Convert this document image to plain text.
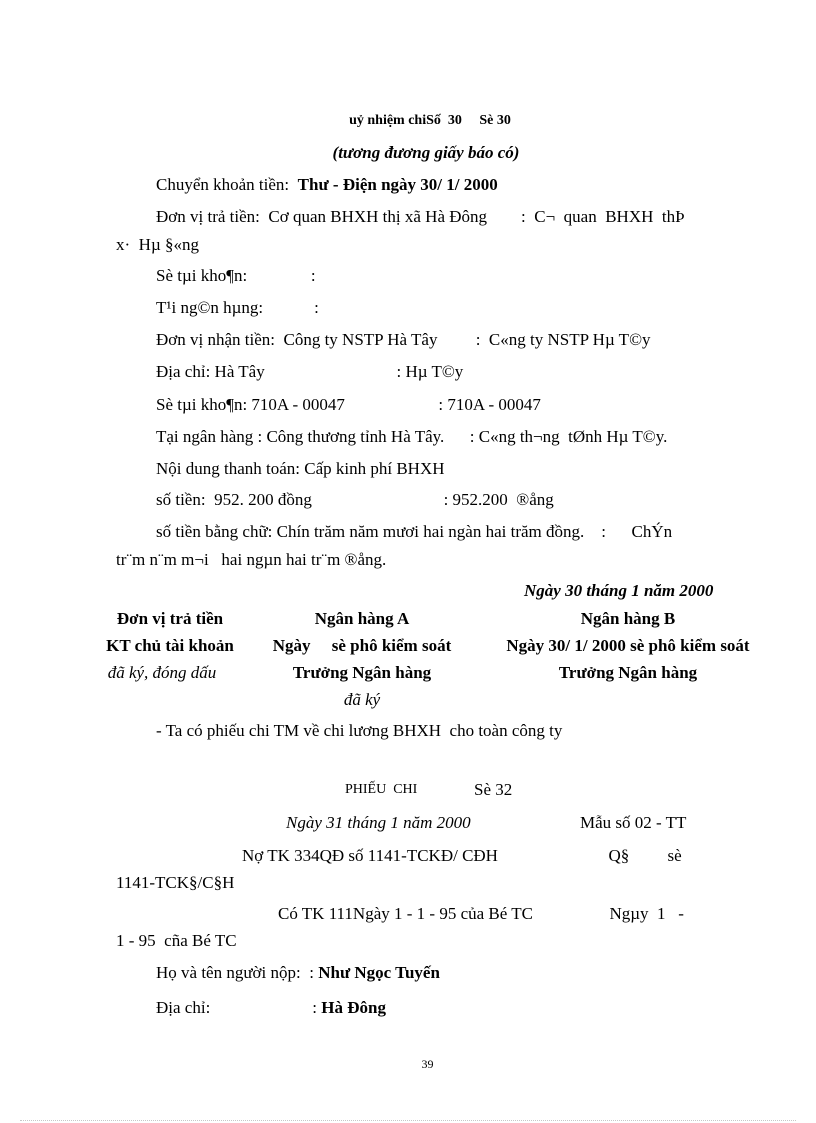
uỷ nhiệm chiSố  30     Sè 30
(tương đương giấy báo có)
Chuyển khoản tiền:  Thư - Điện ngày 30/ 1/ 2000
Đơn vị trả tiền:  Cơ quan BHXH thị xã Hà Đông        :  C¬  quan  BHXH  thÞ
x·  Hµ §«ng
Sè tµi kho¶n:               :
T¹i ng©n hµng:            :
Đơn vị nhận tiền:  Công ty NSTP Hà Tây         :  C«ng ty NSTP Hµ T©y
Địa chỉ: Hà Tây                               : Hµ T©y
Sè tµi kho¶n: 710A - 00047                      : 710A - 00047
Tại ngân hàng : Công thương tỉnh Hà Tây.      : C«ng th¬ng  tØnh Hµ T©y.
Nội dung thanh toán: Cấp kinh phí BHXH
số tiền:  952. 200 đồng                               : 952.200  ®ång
số tiền bằng chữ: Chín trăm năm mươi hai ngàn hai trăm đồng.    :      ChÝn
tr¨m n¨m m¬i   hai ngµn hai tr¨m ®ång.
Ngày 30 tháng 1 năm 2000
Đơn vị trả tiền	Ngân hàng A	Ngân hàng B
KT chủ tài khoản	Ngày     sè phô kiểm soát	Ngày 30/ 1/ 2000 sè phô kiểm soát
đã ký, đóng dấu	Trưởng Ngân hàng	Trưởng Ngân hàng
đã ký
- Ta có phiếu chi TM về chi lương BHXH  cho toàn công ty
PHIẾU  CHI	Sè 32
Ngày 31 tháng 1 năm 2000	Mẫu số 02 - TT
Nợ TK 334QĐ số 1141-TCKĐ/ CĐH                          Q§         sè
1141-TCK§/C§H
Có TK 111Ngày 1 - 1 - 95 của Bé TC                  Ngµy  1   -
1 - 95  cña Bé TC
Họ và tên người nộp:  : Như Ngọc Tuyến
Địa chỉ:                        : Hà Đông
39
